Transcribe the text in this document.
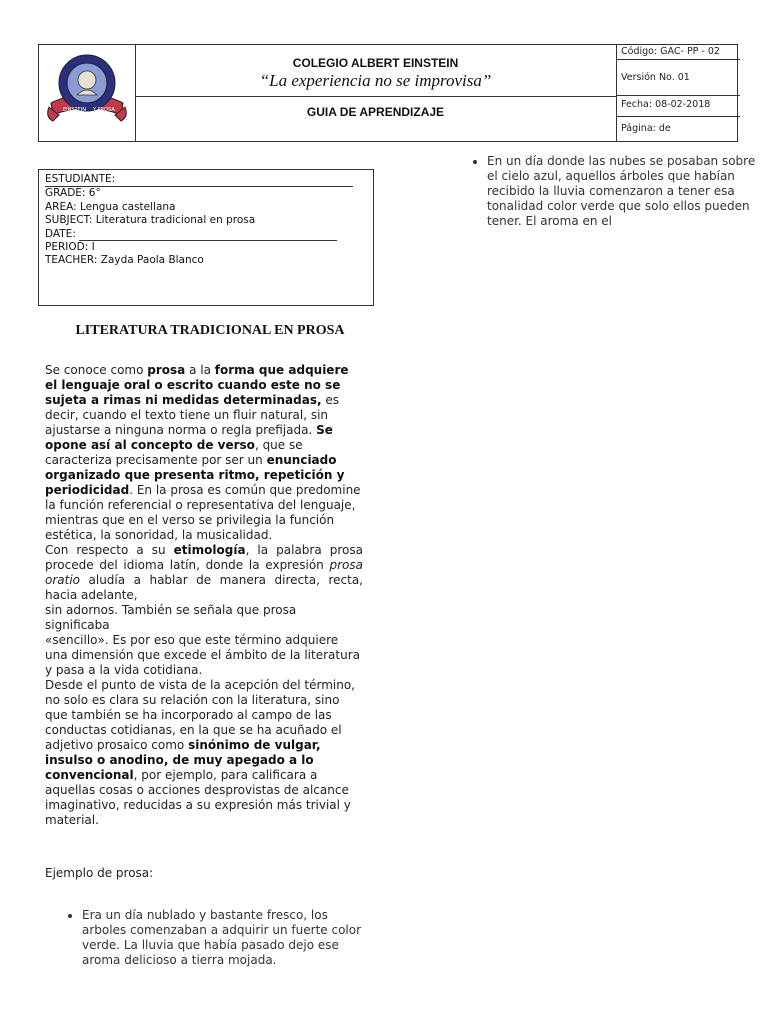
EINSTEIN Y PROSA
COLEGIO ALBERT EINSTEIN
“La experiencia no se improvisa”
GUIA DE APRENDIZAJE
Código: GAC- PP - 02
Versión No. 01
Fecha: 08-02-2018
Página: de
ESTUDIANTE:
GRADE: 6°
AREA: Lengua castellana
SUBJECT: Literatura tradicional en prosa
DATE:
PERIOD: I
TEACHER: Zayda Paola Blanco
LITERATURA TRADICIONAL EN PROSA

Se conoce como prosa a la forma que adquiere el lenguaje oral o escrito cuando este no se sujeta a rimas ni medidas determinadas, es decir, cuando el texto tiene un fluir natural, sin ajustarse a ninguna norma o regla prefijada. Se opone así al concepto de verso, que se caracteriza precisamente por ser un enunciado organizado que presenta ritmo, repetición y periodicidad. En la prosa es común que predomine la función referencial o representativa del lenguaje, mientras que en el verso se privilegia la función estética, la sonoridad, la musicalidad.

Con respecto a su etimología, la palabra prosa procede del idioma latín, donde la expresión prosa oratio aludía a hablar de manera directa, recta, hacia adelante,

sin adornos. También se señala que prosa significaba

«sencillo». Es por eso que este término adquiere una dimensión que excede el ámbito de la literatura y pasa a la vida cotidiana.

Desde el punto de vista de la acepción del término, no solo es clara su relación con la literatura, sino que también se ha incorporado al campo de las conductas cotidianas, en la que se ha acuñado el adjetivo prosaico como sinónimo de vulgar, insulso o anodino, de muy apegado a lo convencional, por ejemplo, para calificara a aquellas cosas o acciones desprovistas de alcance imaginativo, reducidas a su expresión más trivial y material.

Ejemplo de prosa:
• Era un día nublado y bastante fresco, los arboles comenzaban a adquirir un fuerte color verde. La lluvia que había pasado dejo ese aroma delicioso a tierra mojada.
• En un día donde las nubes se posaban sobre el cielo azul, aquellos árboles que habían recibido la lluvia comenzaron a tener esa tonalidad color verde que solo ellos pueden tener. El aroma en el
